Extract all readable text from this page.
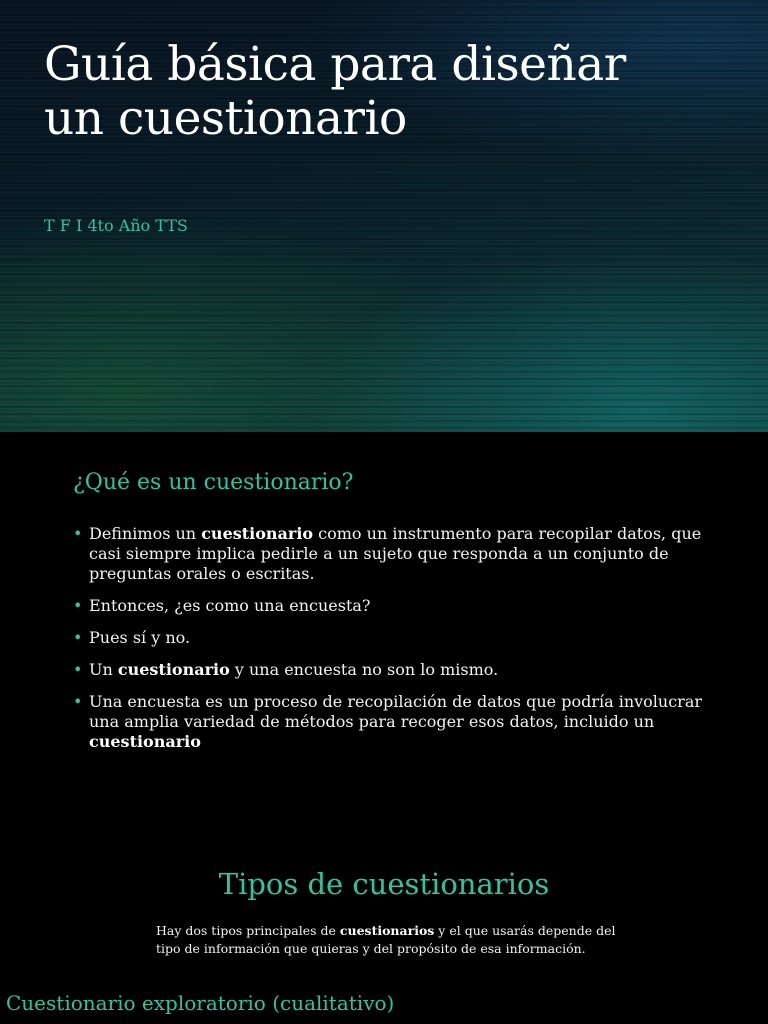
Guía básica para diseñar un cuestionario

T F I 4to Año TTS

¿Qué es un cuestionario?
• Definimos un cuestionario como un instrumento para recopilar datos, que casi siempre implica pedirle a un sujeto que responda a un conjunto de preguntas orales o escritas.
• Entonces, ¿es como una encuesta?
• Pues sí y no.
• Un cuestionario y una encuesta no son lo mismo.
• Una encuesta es un proceso de recopilación de datos que podría involucrar una amplia variedad de métodos para recoger esos datos, incluido un cuestionario
Tipos de cuestionarios

Hay dos tipos principales de cuestionarios y el que usarás depende del tipo de información que quieras y del propósito de esa información.

Cuestionario exploratorio (cualitativo)
